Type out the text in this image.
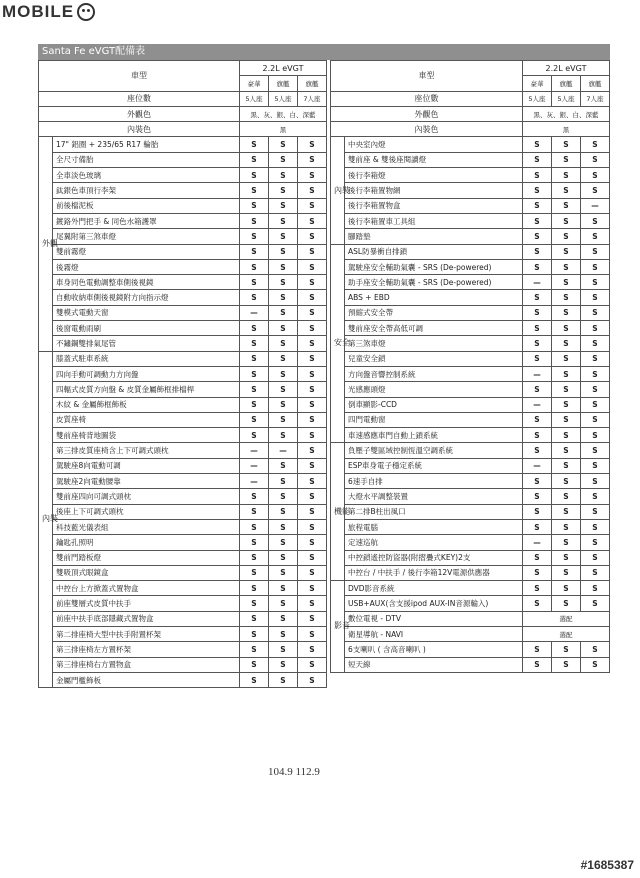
MOBILE
Santa Fe eVGT配備表
車型		2.2L eVGT		
		豪華	旗艦	旗艦
座位數		5人座	5人座	7人座
外觀色		黑、灰、銀、白、深藍		
內裝色		黑		
外觀	17" 鋁圈 + 235/65 R17 輪胎	S	S	S
	全尺寸備胎	S	S	S
	全車淡色玻璃	S	S	S
	鈦銀色車頂行李架	S	S	S
	前後檔泥板	S	S	S
	鍍鉻外門把手 & 同色水箱護罩	S	S	S
	尾翼附第三煞車燈	S	S	S
	雙前霧燈	S	S	S
	後霧燈	S	S	S
	車身同色電動調整車側後視鏡	S	S	S
	自動收納車側後視鏡附方向指示燈	S	S	S
	雙模式電動天窗	—	S	S
	後窗電動雨刷	S	S	S
	不鏽鋼雙排氣尾管	S	S	S
內裝	膝蓋式駐車系統	S	S	S
	四向手動可調動力方向盤	S	S	S
	四輻式皮質方向盤 & 皮質金屬飾框排檔桿	S	S	S
	木紋 & 金屬飾框飾板	S	S	S
	皮質座椅	S	S	S
	雙前座椅背地圖袋	S	S	S
	第三排皮質座椅含上下可調式頭枕	—	—	S
	駕駛座8向電動可調	—	S	S
	駕駛座2向電動腰靠	—	S	S
	雙前座四向可調式頭枕	S	S	S
	後座上下可調式頭枕	S	S	S
	科技藍光儀表組	S	S	S
	鑰匙孔照明	S	S	S
	雙前門踏板燈	S	S	S
	雙吸頂式眼鏡盒	S	S	S
	中控台上方掀蓋式置物盒	S	S	S
	前座雙層式皮質中扶手	S	S	S
	前座中扶手底部隱藏式置物盒	S	S	S
	第二排座椅大型中扶手附置杯架	S	S	S
	第三排座椅左方置杯架	S	S	S
	第三排座椅右方置物盒	S	S	S
	金屬門檻飾板	S	S	S
車型		2.2L eVGT		
		豪華	旗艦	旗艦
座位數		5人座	5人座	7人座
外觀色		黑、灰、銀、白、深藍		
內裝色		黑		
內裝	中央室內燈	S	S	S
	雙前座 & 雙後座閱讀燈	S	S	S
	後行李箱燈	S	S	S
	後行李箱置物網	S	S	S
	後行李箱置物盒	S	S	—
	後行李箱置車工具組	S	S	S
	腳踏墊	S	S	S
安全	ASL防暴衝自排鎖	S	S	S
	駕駛座安全輔助氣囊 - SRS (De-powered)	S	S	S
	助手座安全輔助氣囊 - SRS (De-powered)	—	S	S
	ABS + EBD	S	S	S
	預縮式安全帶	S	S	S
	雙前座安全帶高低可調	S	S	S
	第三煞車燈	S	S	S
	兒童安全鎖	S	S	S
	方向盤音響控制系統	—	S	S
	光感應頭燈	S	S	S
	倒車顯影-CCD	—	S	S
	四門電動窗	S	S	S
	車速感應車門自動上鎖系統	S	S	S
機能	負壓子雙區域控制恆溫空調系統	S	S	S
	ESP車身電子穩定系統	—	S	S
	6速手自排	S	S	S
	大燈水平調整裝置	S	S	S
	第二排B柱出風口	S	S	S
	旅程電腦	S	S	S
	定速巡航	—	S	S
	中控鎖遙控防盜器(附摺疊式KEY)2支	S	S	S
	中控台 / 中扶手 / 後行李箱12V電源供應器	S	S	S
影音	DVD影音系統	S	S	S
	USB+AUX(含支援ipod AUX-IN音源輸入)	S	S	S
	數位電視 - DTV	選配		
	衛星導航 - NAVI	選配		
	6支喇叭 ( 含高音喇叭 )	S	S	S
	短天線	S	S	S
104.9 112.9
#1685387
